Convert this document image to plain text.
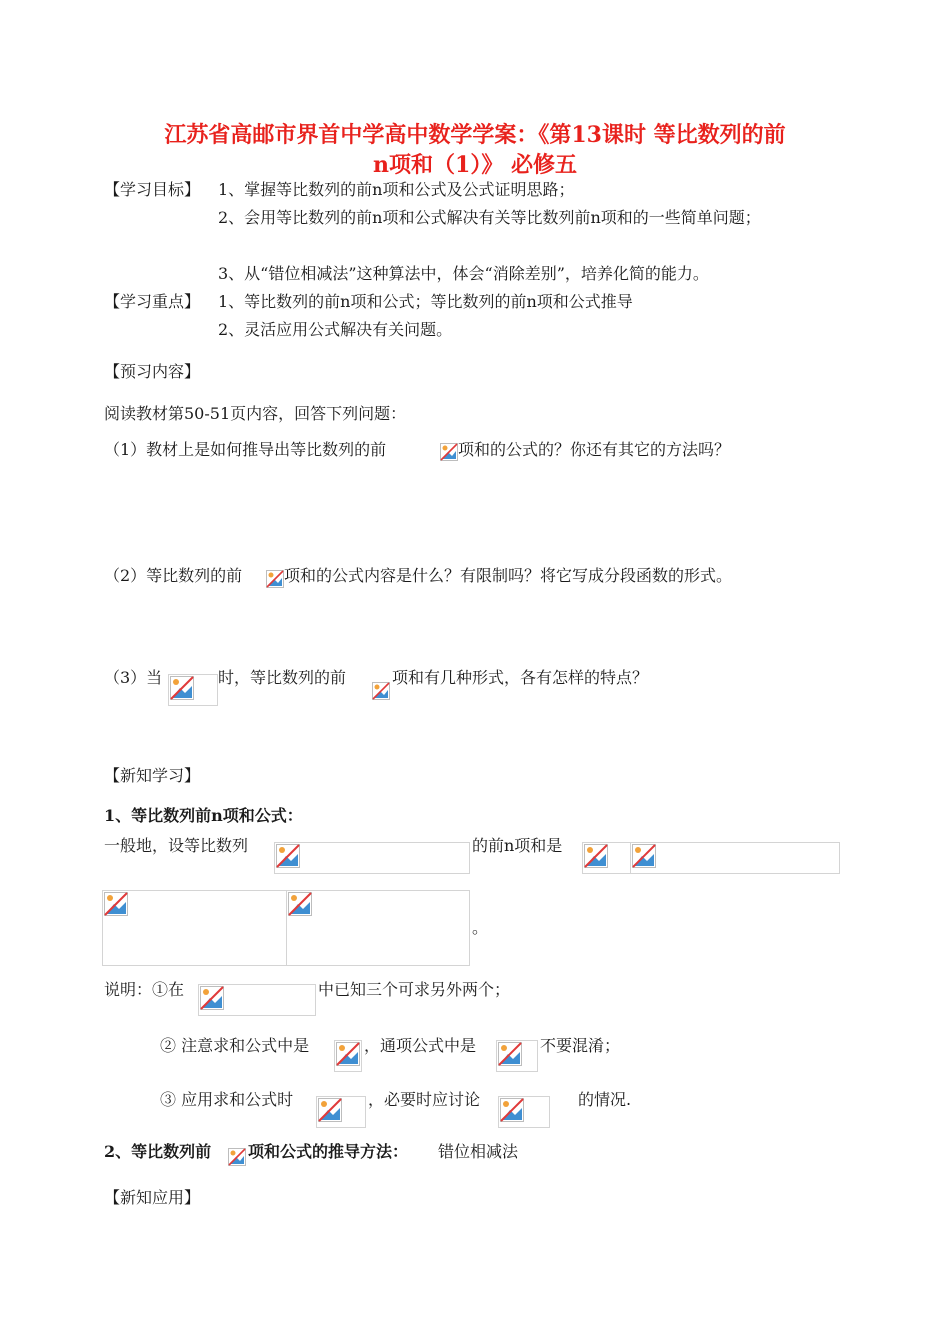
江苏省高邮市界首中学高中数学学案：《第13课时 等比数列的前
n项和（1）》 必修五
【学习目标】 1、掌握等比数列的前n项和公式及公式证明思路；
2、会用等比数列的前n项和公式解决有关等比数列前n项和的一些简单问题；
3、从“错位相减法”这种算法中，体会“消除差别”，培养化简的能力。
【学习重点】 1、等比数列的前n项和公式；等比数列的前n项和公式推导
2、灵活应用公式解决有关问题。
【预习内容】
阅读教材第50-51页内容，回答下列问题：
（1）教材上是如何推导出等比数列的前	项和的公式的？你还有其它的方法吗？
（2）等比数列的前	项和的公式内容是什么？有限制吗？将它写成分段函数的形式。
（3）当	时，等比数列的前	项和有几种形式，各有怎样的特点？
【新知学习】
1、等比数列前n项和公式：
一般地，设等比数列	的前n项和是
。
说明：①在	中已知三个可求另外两个；
② 注意求和公式中是	，通项公式中是	不要混淆；
③ 应用求和公式时	，必要时应讨论	的情况.
2、等比数列前 项和公式的推导方法： 错位相减法
【新知应用】
